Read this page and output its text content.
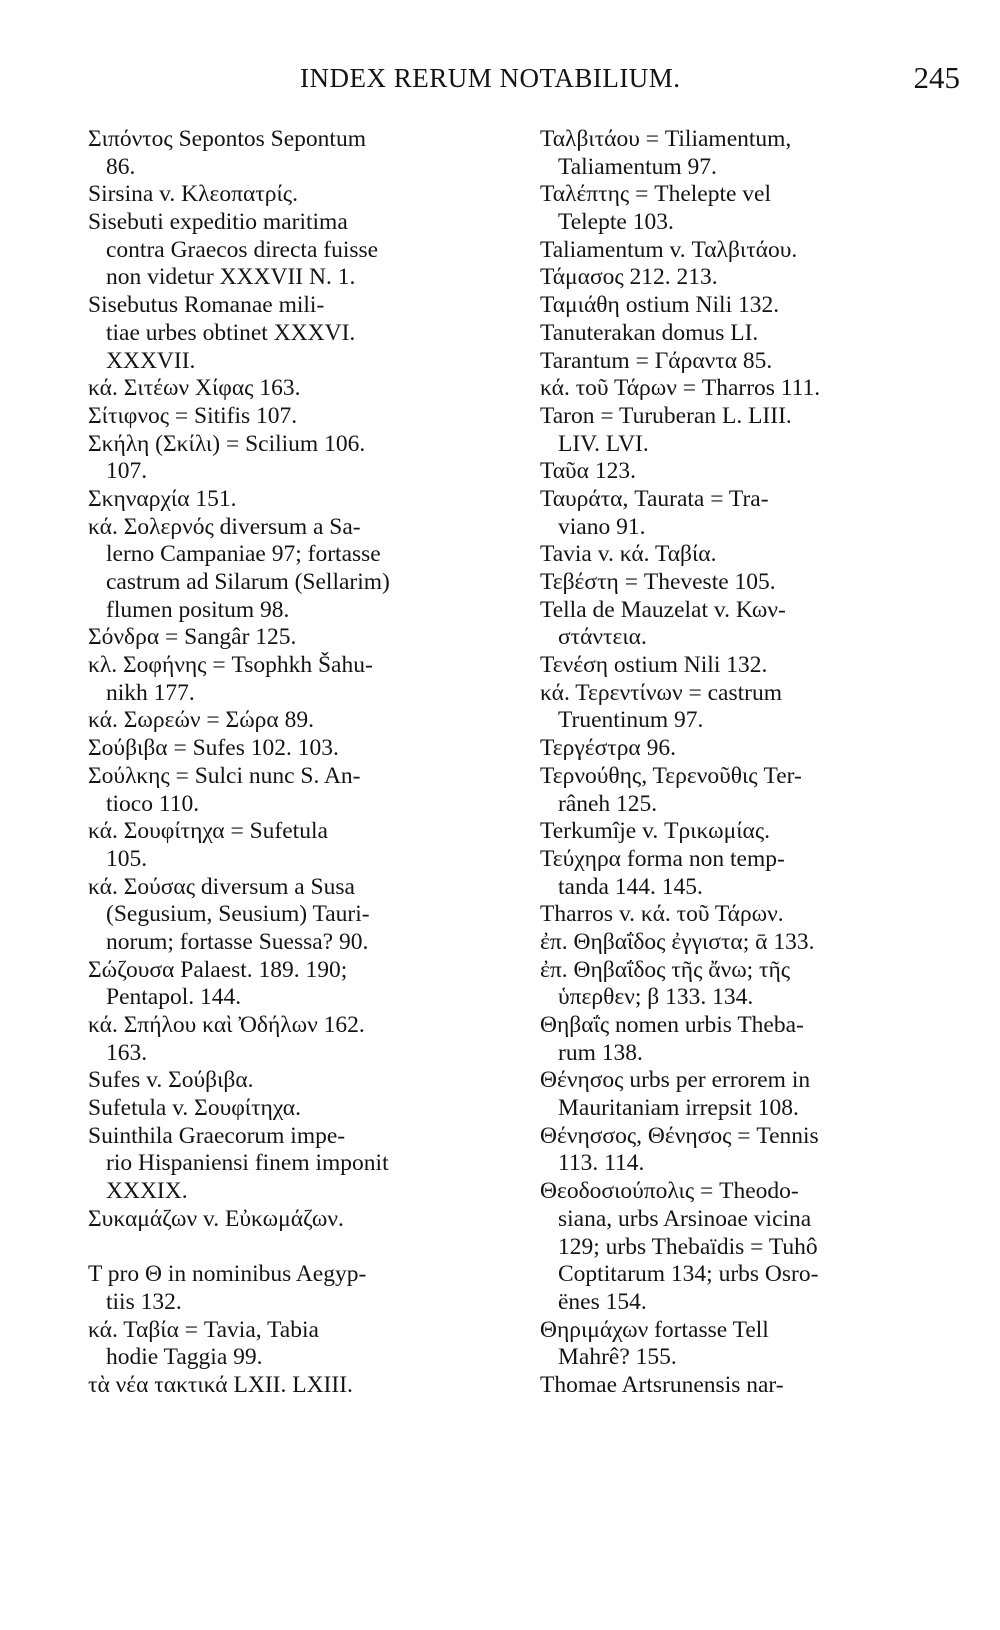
INDEX RERUM NOTABILIUM.	245
Σιπόντος Sepontos Sepontum
86.
Sirsina v. Κλεοπατρίς.
Sisebuti expeditio maritima
contra Graecos directa fuisse
non videtur XXXVII N. 1.
Sisebutus Romanae mili-
tiae urbes obtinet XXXVI.
XXXVII.
κά. Σιτέων Χίφας 163.
Σίτιφνος = Sitifis 107.
Σκήλη (Σκίλι) = Scilium 106.
107.
Σκηναρχία 151.
κά. Σολερνός diversum a Sa-
lerno Campaniae 97; fortasse
castrum ad Silarum (Sellarim)
flumen positum 98.
Σόνδρα = Sangâr 125.
κλ. Σοφήνης = Tsophkh Šahu-
nikh 177.
κά. Σωρεών = Σώρα 89.
Σούβιβα = Sufes 102. 103.
Σούλκης = Sulci nunc S. An-
tioco 110.
κά. Σουφίτηχα = Sufetula
105.
κά. Σούσας diversum a Susa
(Segusium, Seusium) Tauri-
norum; fortasse Suessa? 90.
Σώζουσα Palaest. 189. 190;
Pentapol. 144.
κά. Σπήλου καὶ Ὀδήλων 162.
163.
Sufes v. Σούβιβα.
Sufetula v. Σουφίτηχα.
Suinthila Graecorum impe-
rio Hispaniensi finem imponit
XXXIX.
Συκαμάζων v. Εὐκωμάζων.
T pro Θ in nominibus Aegyp-
tiis 132.
κά. Ταβία = Tavia, Tabia
hodie Taggia 99.
τὰ νέα τακτικά LXII. LXIII.
Ταλβιτάου = Tiliamentum,
Taliamentum 97.
Ταλέπτης = Thelepte vel
Telepte 103.
Taliamentum v. Ταλβιτάου.
Τάμασος 212. 213.
Ταμιάθη ostium Nili 132.
Tanuterakan domus LI.
Tarantum = Γάραντα 85.
κά. τοῦ Τάρων = Tharros 111.
Taron = Turuberan L. LIII.
LIV. LVI.
Ταῦα 123.
Ταυράτα, Taurata = Tra-
viano 91.
Tavia v. κά. Ταβία.
Τεβέστη = Theveste 105.
Tella de Mauzelat v. Κων-
στάντεια.
Τενέση ostium Nili 132.
κά. Τερεντίνων = castrum
Truentinum 97.
Τεργέστρα 96.
Τερνούθης, Τερενοῦθις Ter-
râneh 125.
Terkumîje v. Τρικωμίας.
Τεύχηρα forma non temp-
tanda 144. 145.
Tharros v. κά. τοῦ Τάρων.
ἐπ. Θηβαΐδος ἐγγιστα; ᾱ 133.
ἐπ. Θηβαΐδος τῆς ἄνω; τῆς
ὑπερθεν; β 133. 134.
Θηβαΐς nomen urbis Theba-
rum 138.
Θένησος urbs per errorem in
Mauritaniam irrepsit 108.
Θένησσος, Θένησος = Tennis
113. 114.
Θεοδοσιούπολις = Theodo-
siana, urbs Arsinoae vicina
129; urbs Thebaïdis = Tuhô
Coptitarum 134; urbs Osro-
ënes 154.
Θηριμάχων fortasse Tell
Mahrê? 155.
Thomae Artsrunensis nar-
